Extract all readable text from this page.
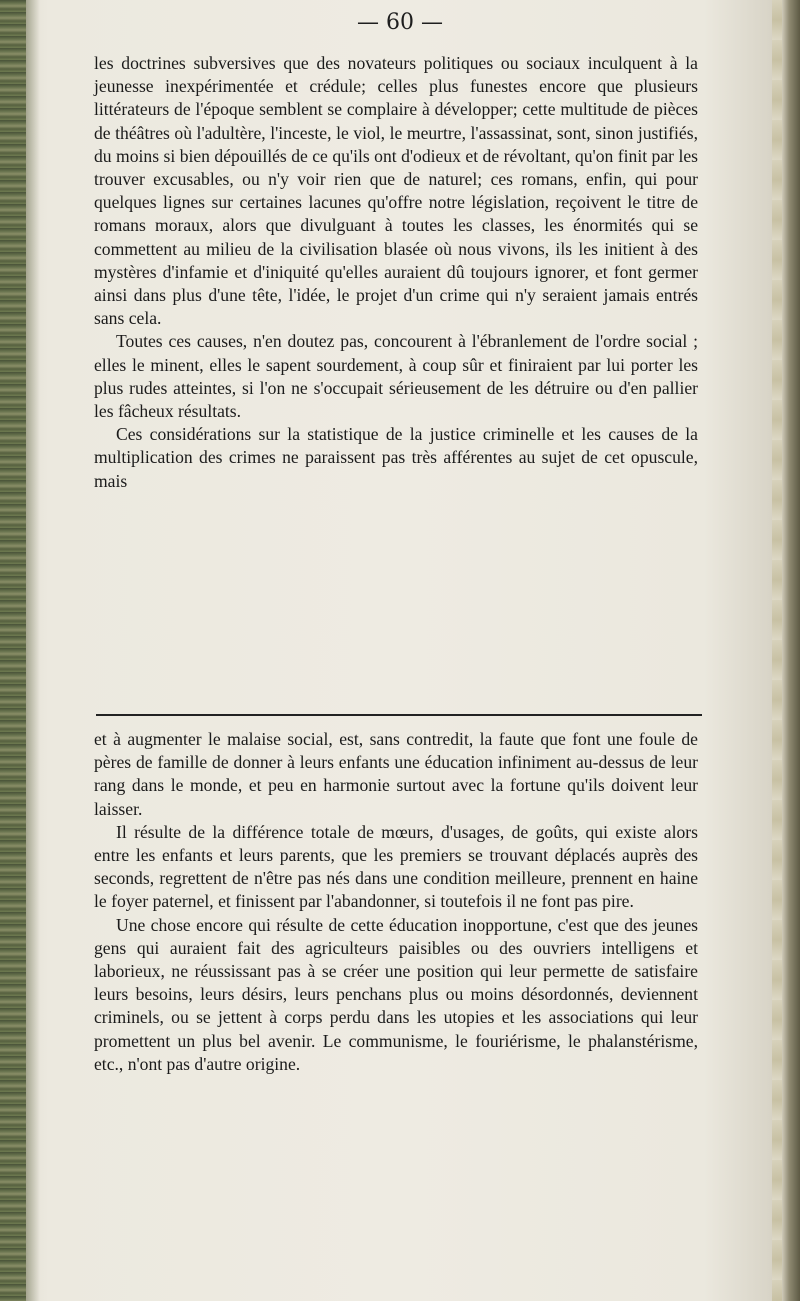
— 60 —

les doctrines subversives que des novateurs politiques ou sociaux inculquent à la jeunesse inexpérimentée et crédule; celles plus funestes encore que plusieurs littérateurs de l'époque semblent se complaire à développer; cette multitude de pièces de théâtres où l'adultère, l'inceste, le viol, le meurtre, l'assassinat, sont, sinon justifiés, du moins si bien dépouillés de ce qu'ils ont d'odieux et de révoltant, qu'on finit par les trouver excusables, ou n'y voir rien que de naturel; ces romans, enfin, qui pour quelques lignes sur certaines lacunes qu'offre notre législation, reçoivent le titre de romans moraux, alors que divulguant à toutes les classes, les énormités qui se commettent au milieu de la civilisation blasée où nous vivons, ils les initient à des mystères d'infamie et d'iniquité qu'elles auraient dû toujours ignorer, et font germer ainsi dans plus d'une tête, l'idée, le projet d'un crime qui n'y seraient jamais entrés sans cela.

Toutes ces causes, n'en doutez pas, concourent à l'ébranlement de l'ordre social ; elles le minent, elles le sapent sourdement, à coup sûr et finiraient par lui porter les plus rudes atteintes, si l'on ne s'occupait sérieusement de les détruire ou d'en pallier les fâcheux résultats.

Ces considérations sur la statistique de la justice criminelle et les causes de la multiplication des crimes ne paraissent pas très afférentes au sujet de cet opuscule, mais

et à augmenter le malaise social, est, sans contredit, la faute que font une foule de pères de famille de donner à leurs enfants une éducation infiniment au-dessus de leur rang dans le monde, et peu en harmonie surtout avec la fortune qu'ils doivent leur laisser.

Il résulte de la différence totale de mœurs, d'usages, de goûts, qui existe alors entre les enfants et leurs parents, que les premiers se trouvant déplacés auprès des seconds, regrettent de n'être pas nés dans une condition meilleure, prennent en haine le foyer paternel, et finissent par l'abandonner, si toutefois il ne font pas pire.

Une chose encore qui résulte de cette éducation inopportune, c'est que des jeunes gens qui auraient fait des agriculteurs paisibles ou des ouvriers intelligens et laborieux, ne réussissant pas à se créer une position qui leur permette de satisfaire leurs besoins, leurs désirs, leurs penchans plus ou moins désordonnés, deviennent criminels, ou se jettent à corps perdu dans les utopies et les associations qui leur promettent un plus bel avenir. Le communisme, le fouriérisme, le phalanstérisme, etc., n'ont pas d'autre origine.
